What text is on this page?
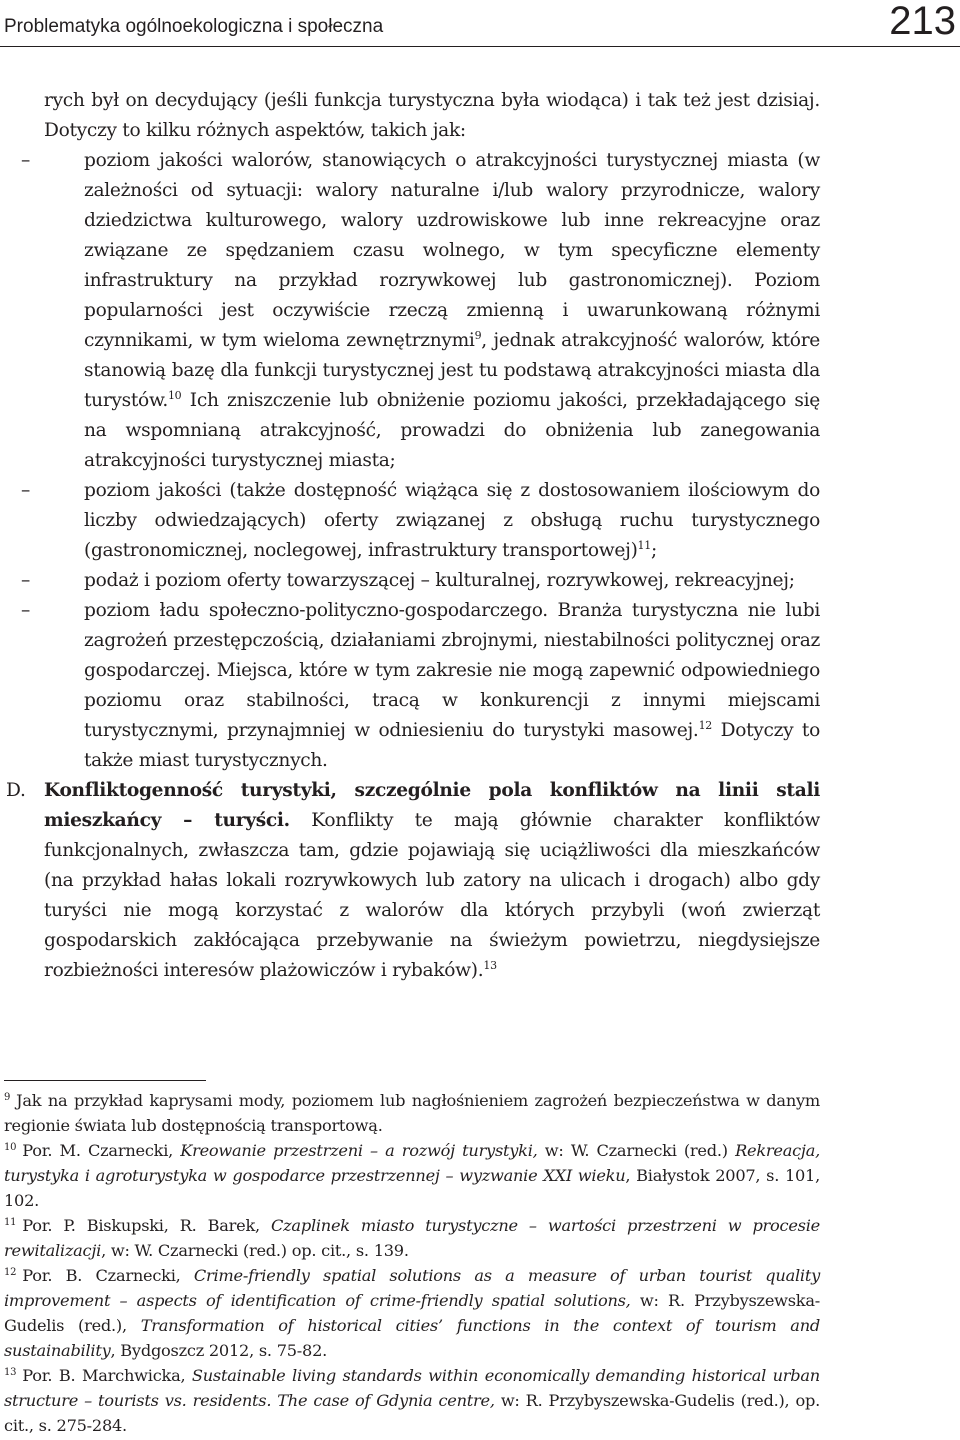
Problematyka ogólnoekologiczna i społeczna	213

rych był on decydujący (jeśli funkcja turystyczna była wiodąca) i tak też jest dzisiaj. Dotyczy to kilku różnych aspektów, takich jak:

–	poziom jakości walorów, stanowiących o atrakcyjności turystycznej miasta (w zależności od sytuacji: walory naturalne i/lub walory przyrodnicze, walory dziedzictwa kulturowego, walory uzdrowiskowe lub inne rekreacyjne oraz związane ze spędzaniem czasu wolnego, w tym specyficzne elementy infrastruktury na przykład rozrywkowej lub gastronomicznej). Poziom popularności jest oczywiście rzeczą zmienną i uwarunkowaną różnymi czynnikami, w tym wieloma zewnętrznymi$^9$, jednak atrakcyjność walorów, które stanowią bazę dla funkcji turystycznej jest tu podstawą atrakcyjności miasta dla turystów.$^{10}$ Ich zniszczenie lub obniżenie poziomu jakości, przekładającego się na wspomnianą atrakcyjność, prowadzi do obniżenia lub zanegowania atrakcyjności turystycznej miasta;
–	poziom jakości (także dostępność wiążąca się z dostosowaniem ilościowym do liczby odwiedzających) oferty związanej z obsługą ruchu turystycznego (gastronomicznej, noclegowej, infrastruktury transportowej)$^{11}$;
–	podaż i poziom oferty towarzyszącej – kulturalnej, rozrywkowej, rekreacyjnej;
–	poziom ładu społeczno-polityczno-gospodarczego. Branża turystyczna nie lubi zagrożeń przestępczością, działaniami zbrojnymi, niestabilności politycznej oraz gospodarczej. Miejsca, które w tym zakresie nie mogą zapewnić odpowiedniego poziomu oraz stabilności, tracą w konkurencji z innymi miejscami turystycznymi, przynajmniej w odniesieniu do turystyki masowej.$^{12}$ Dotyczy to także miast turystycznych.

D. Konfliktogenność turystyki, szczególnie pola konfliktów na linii stali mieszkańcy – turyści. Konflikty te mają głównie charakter konfliktów funkcjonalnych, zwłaszcza tam, gdzie pojawiają się uciążliwości dla mieszkańców (na przykład hałas lokali rozrywkowych lub zatory na ulicach i drogach) albo gdy turyści nie mogą korzystać z walorów dla których przybyli (woń zwierząt gospodarskich zakłócająca przebywanie na świeżym powietrzu, niegdysiejsze rozbieżności interesów plażowiczów i rybaków).$^{13}$

$^9$ Jak na przykład kaprysami mody, poziomem lub nagłośnieniem zagrożeń bezpieczeństwa w danym regionie świata lub dostępnością transportową.

$^{10}$ Por. M. Czarnecki, Kreowanie przestrzeni – a rozwój turystyki, w: W. Czarnecki (red.) Rekreacja, turystyka i agroturystyka w gospodarce przestrzennej – wyzwanie XXI wieku, Białystok 2007, s. 101, 102.

$^{11}$ Por. P. Biskupski, R. Barek, Czaplinek miasto turystyczne – wartości przestrzeni w procesie rewitalizacji, w: W. Czarnecki (red.) op. cit., s. 139.

$^{12}$ Por. B. Czarnecki, Crime-friendly spatial solutions as a measure of urban tourist quality improvement – aspects of identification of crime-friendly spatial solutions, w: R. Przybyszewska-Gudelis (red.), Transformation of historical cities’ functions in the context of tourism and sustainability, Bydgoszcz 2012, s. 75-82.

$^{13}$ Por. B. Marchwicka, Sustainable living standards within economically demanding historical urban structure – tourists vs. residents. The case of Gdynia centre, w: R. Przybyszewska-Gudelis (red.), op. cit., s. 275-284.
